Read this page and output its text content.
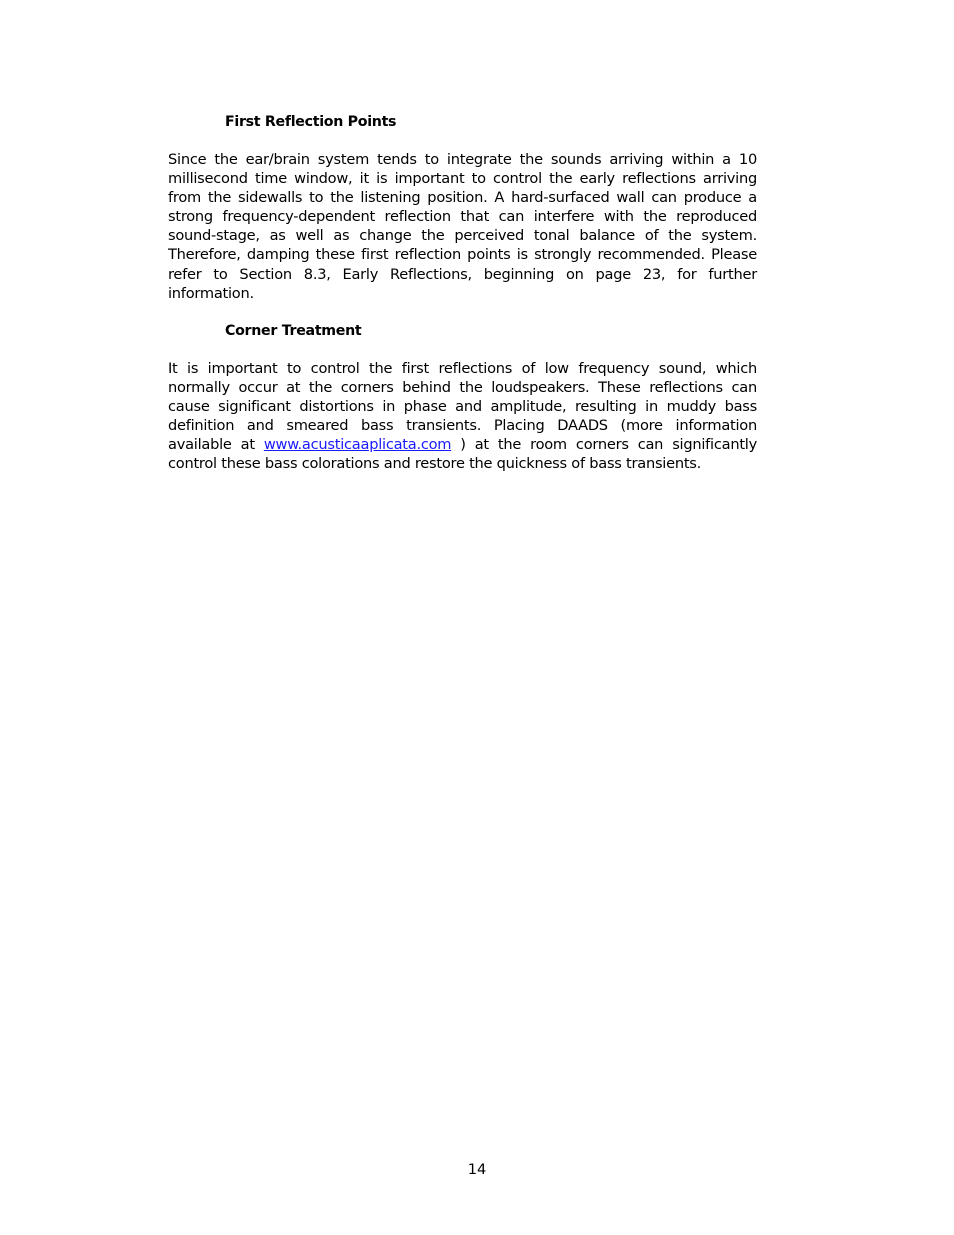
First Reflection Points

Since the ear/brain system tends to integrate the sounds arriving within a 10 millisecond time window, it is important to control the early reflections arriving from the sidewalls to the listening position. A hard-surfaced wall can produce a strong frequency-dependent reflection that can interfere with the reproduced sound-stage, as well as change the perceived tonal balance of the system. Therefore, damping these first reflection points is strongly recommended. Please refer to Section 8.3, Early Reflections, beginning on page 23, for further information.

Corner Treatment

It is important to control the first reflections of low frequency sound, which normally occur at the corners behind the loudspeakers. These reflections can cause significant distortions in phase and amplitude, resulting in muddy bass definition and smeared bass transients. Placing DAADS (more information available at www.acusticaaplicata.com ) at the room corners can significantly control these bass colorations and restore the quickness of bass transients.

14
